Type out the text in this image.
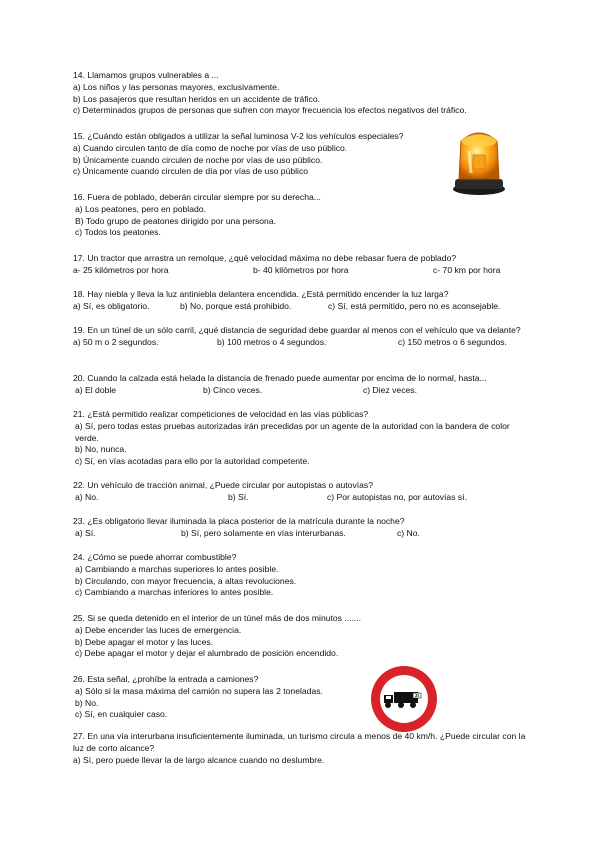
14. Llamamos grupos vulnerables a ...

a) Los niños y las personas mayores, exclusivamente.

b) Los pasajeros que resultan heridos en un accidente de tráfico.

c) Determinados grupos de personas que sufren con mayor frecuencia los efectos negativos del tráfico.

15. ¿Cuándo están obligados a utilizar la señal luminosa V-2 los vehículos especiales?

a) Cuando circulen tanto de día como de noche por vías de uso público.

b) Únicamente cuando circulen de noche por vías de uso público.

c) Únicamente cuando circulen de día por vías de uso público

16. Fuera de poblado, deberán circular siempre por su derecha...

a) Los peatones, pero en poblado.

B) Todo grupo de peatones dirigido por una persona.

c) Todos los peatones.

17. Un tractor que arrastra un remolque, ¿qué velocidad máxima no debe rebasar fuera de poblado?

a- 25 kilómetros por hora	b- 40 kilómetros por hora	c- 70 km por hora

18. Hay niebla y lleva la luz antiniebla delantera encendida. ¿Está permitido encender la luz larga?

a) Sí, es obligatorio.	b) No, porque está prohibido.	c) Sí, está permitido, pero no es aconsejable.

19. En un túnel de un sólo carril, ¿qué distancia de seguridad debe guardar al menos con el vehículo que va delante?

a) 50 m o 2 segundos.	b) 100 metros o 4 segundos.	c) 150 metros o 6 segundos.

20. Cuando la calzada está helada la distancia de frenado puede aumentar por encima de lo normal, hasta...

a) El doble	b) Cinco veces.	c) Diez veces.

21. ¿Está permitido realizar competiciones de velocidad en las vías públicas?

a) Sí, pero todas estas pruebas autorizadas irán precedidas por un agente de la autoridad con la bandera de color verde.

b) No, nunca.

c) Sí, en vías acotadas para ello por la autoridad competente.

22. Un vehículo de tracción animal, ¿Puede circular por autopistas o autovías?

a) No.	b) Sí.	c) Por autopistas no, por autovías sí.

23. ¿Es obligatorio llevar iluminada la placa posterior de la matrícula durante la noche?

a) Sí.	b) Sí, pero solamente en vías interurbanas.	c) No.

24. ¿Cómo se puede ahorrar combustible?

a) Cambiando a marchas superiores lo antes posible.

b) Circulando, con mayor frecuencia, a altas revoluciones.

c) Cambiando a marchas inferiores lo antes posible.

25. Si se queda detenido en el interior de un túnel más de dos minutos .......

a) Debe encender las luces de emergencia.

b) Debe apagar el motor y las luces.

c) Debe apagar el motor y dejar el alumbrado de posición encendido.

26. Esta señal, ¿prohíbe la entrada a camiones?

a) Sólo si la masa máxima del camión no supera las 2 toneladas.

b) No.

c) Sí, en cualquier caso.

2t

27. En una vía interurbana insuficientemente iluminada, un turismo circula a menos de 40 km/h. ¿Puede circular con la luz de corto alcance?

a) Sí, pero puede llevar la de largo alcance cuando no deslumbre.
